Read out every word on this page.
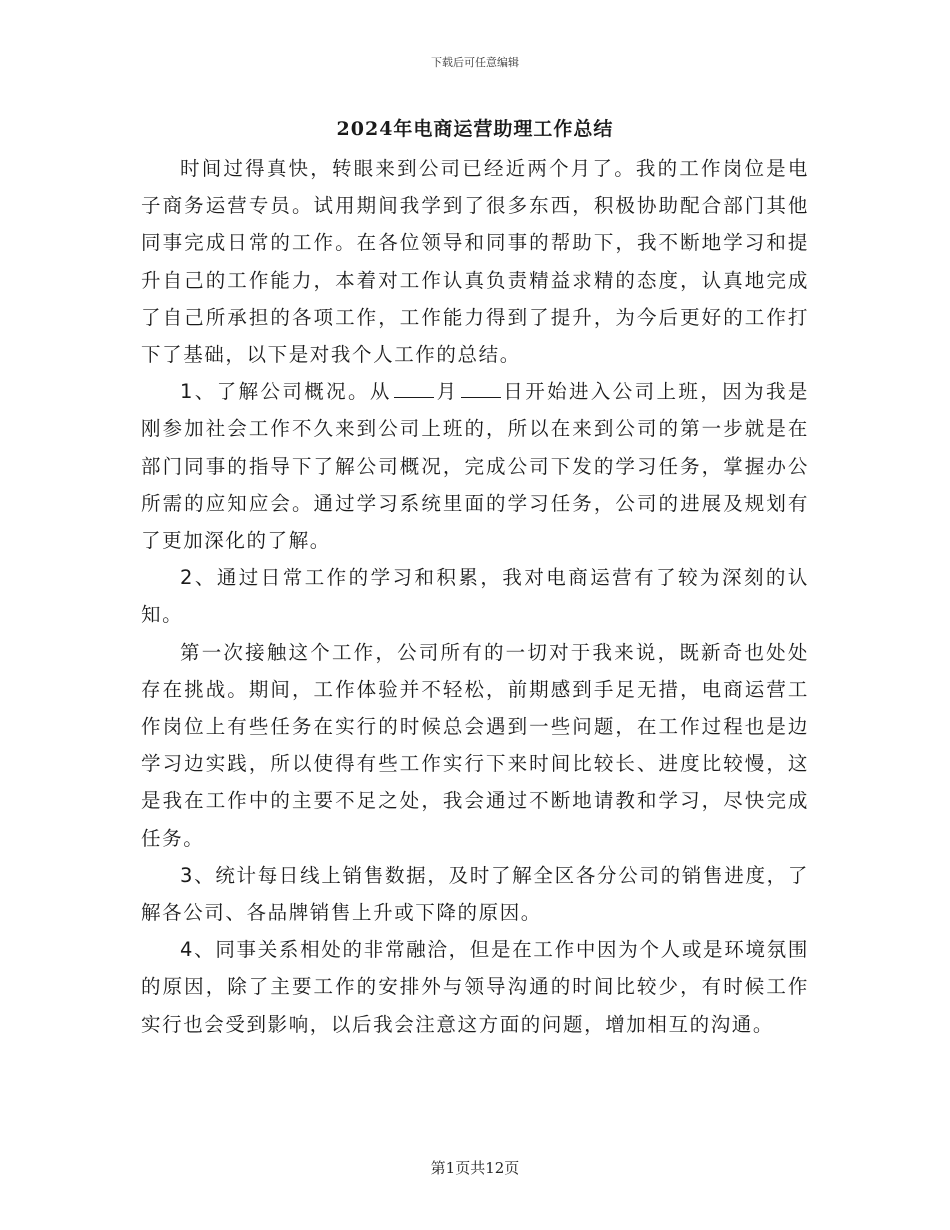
下载后可任意编辑
2024年电商运营助理工作总结

时间过得真快，转眼来到公司已经近两个月了。我的工作岗位是电子商务运营专员。试用期间我学到了很多东西，积极协助配合部门其他同事完成日常的工作。在各位领导和同事的帮助下，我不断地学习和提升自己的工作能力，本着对工作认真负责精益求精的态度，认真地完成了自己所承担的各项工作，工作能力得到了提升，为今后更好的工作打下了基础，以下是对我个人工作的总结。

1、了解公司概况。从 月 日开始进入公司上班，因为我是刚参加社会工作不久来到公司上班的，所以在来到公司的第一步就是在部门同事的指导下了解公司概况，完成公司下发的学习任务，掌握办公所需的应知应会。通过学习系统里面的学习任务，公司的进展及规划有了更加深化的了解。

2、通过日常工作的学习和积累，我对电商运营有了较为深刻的认知。

第一次接触这个工作，公司所有的一切对于我来说，既新奇也处处存在挑战。期间，工作体验并不轻松，前期感到手足无措，电商运营工作岗位上有些任务在实行的时候总会遇到一些问题，在工作过程也是边学习边实践，所以使得有些工作实行下来时间比较长、进度比较慢，这是我在工作中的主要不足之处，我会通过不断地请教和学习，尽快完成任务。

3、统计每日线上销售数据，及时了解全区各分公司的销售进度，了解各公司、各品牌销售上升或下降的原因。

4、同事关系相处的非常融洽，但是在工作中因为个人或是环境氛围的原因，除了主要工作的安排外与领导沟通的时间比较少，有时候工作实行也会受到影响，以后我会注意这方面的问题，增加相互的沟通。

第1页共12页
